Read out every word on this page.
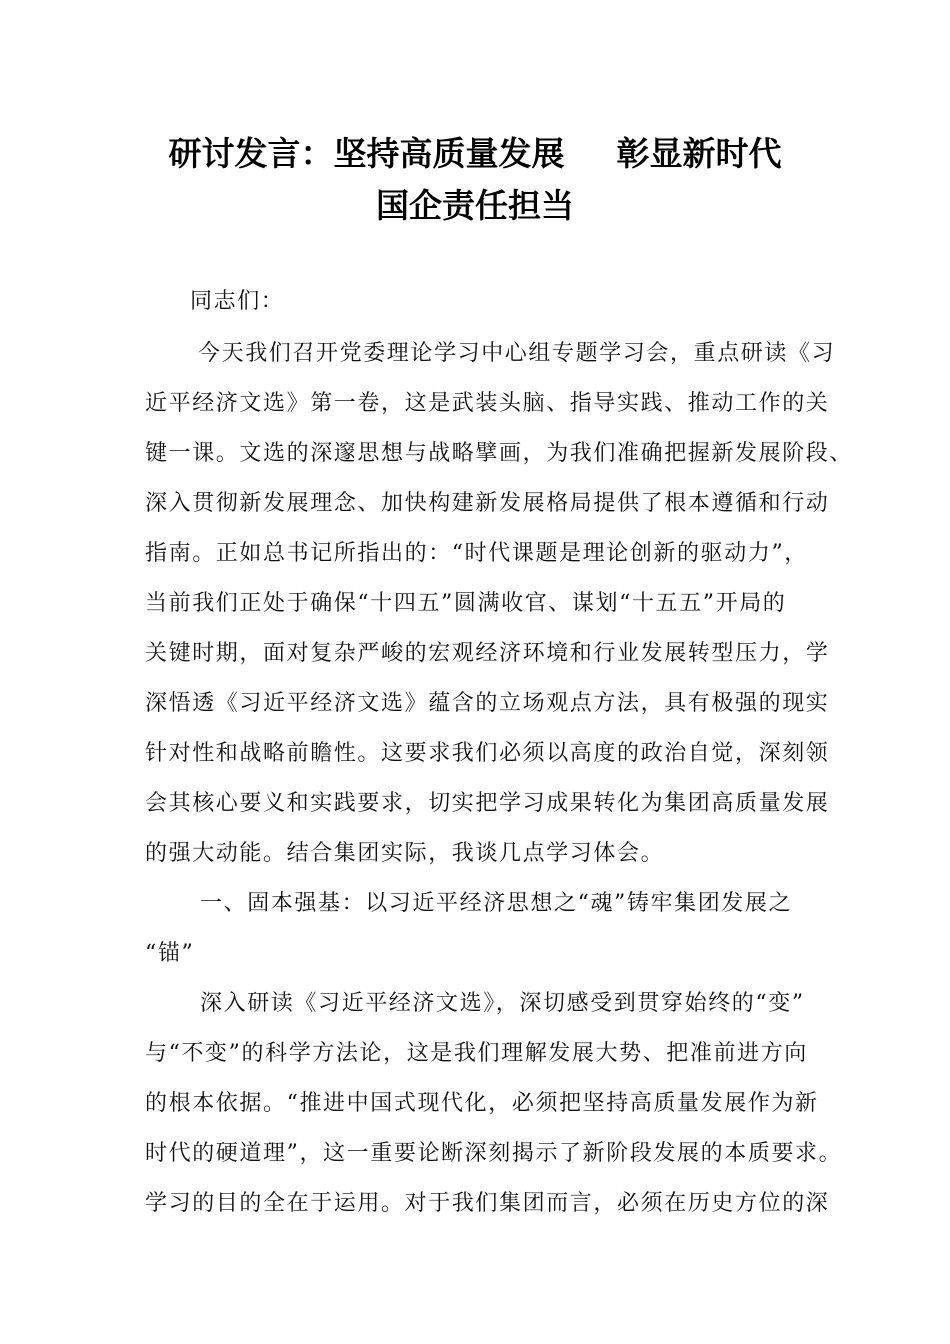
研讨发言：坚持高质量发展 彰显新时代
国企责任担当
同志们：
今天我们召开党委理论学习中心组专题学习会，重点研读《习
近平经济文选》第一卷，这是武装头脑、指导实践、推动工作的关
键一课。文选的深邃思想与战略擘画，为我们准确把握新发展阶段、
深入贯彻新发展理念、加快构建新发展格局提供了根本遵循和行动
指南。正如总书记所指出的：“时代课题是理论创新的驱动力”，
当前我们正处于确保“十四五”圆满收官、谋划“十五五”开局的
关键时期，面对复杂严峻的宏观经济环境和行业发展转型压力，学
深悟透《习近平经济文选》蕴含的立场观点方法，具有极强的现实
针对性和战略前瞻性。这要求我们必须以高度的政治自觉，深刻领
会其核心要义和实践要求，切实把学习成果转化为集团高质量发展
的强大动能。结合集团实际，我谈几点学习体会。
一、固本强基：以习近平经济思想之“魂”铸牢集团发展之
“锚”
深入研读《习近平经济文选》，深切感受到贯穿始终的“变”
与“不变”的科学方法论，这是我们理解发展大势、把准前进方向
的根本依据。“推进中国式现代化，必须把坚持高质量发展作为新
时代的硬道理”，这一重要论断深刻揭示了新阶段发展的本质要求。
学习的目的全在于运用。对于我们集团而言，必须在历史方位的深
